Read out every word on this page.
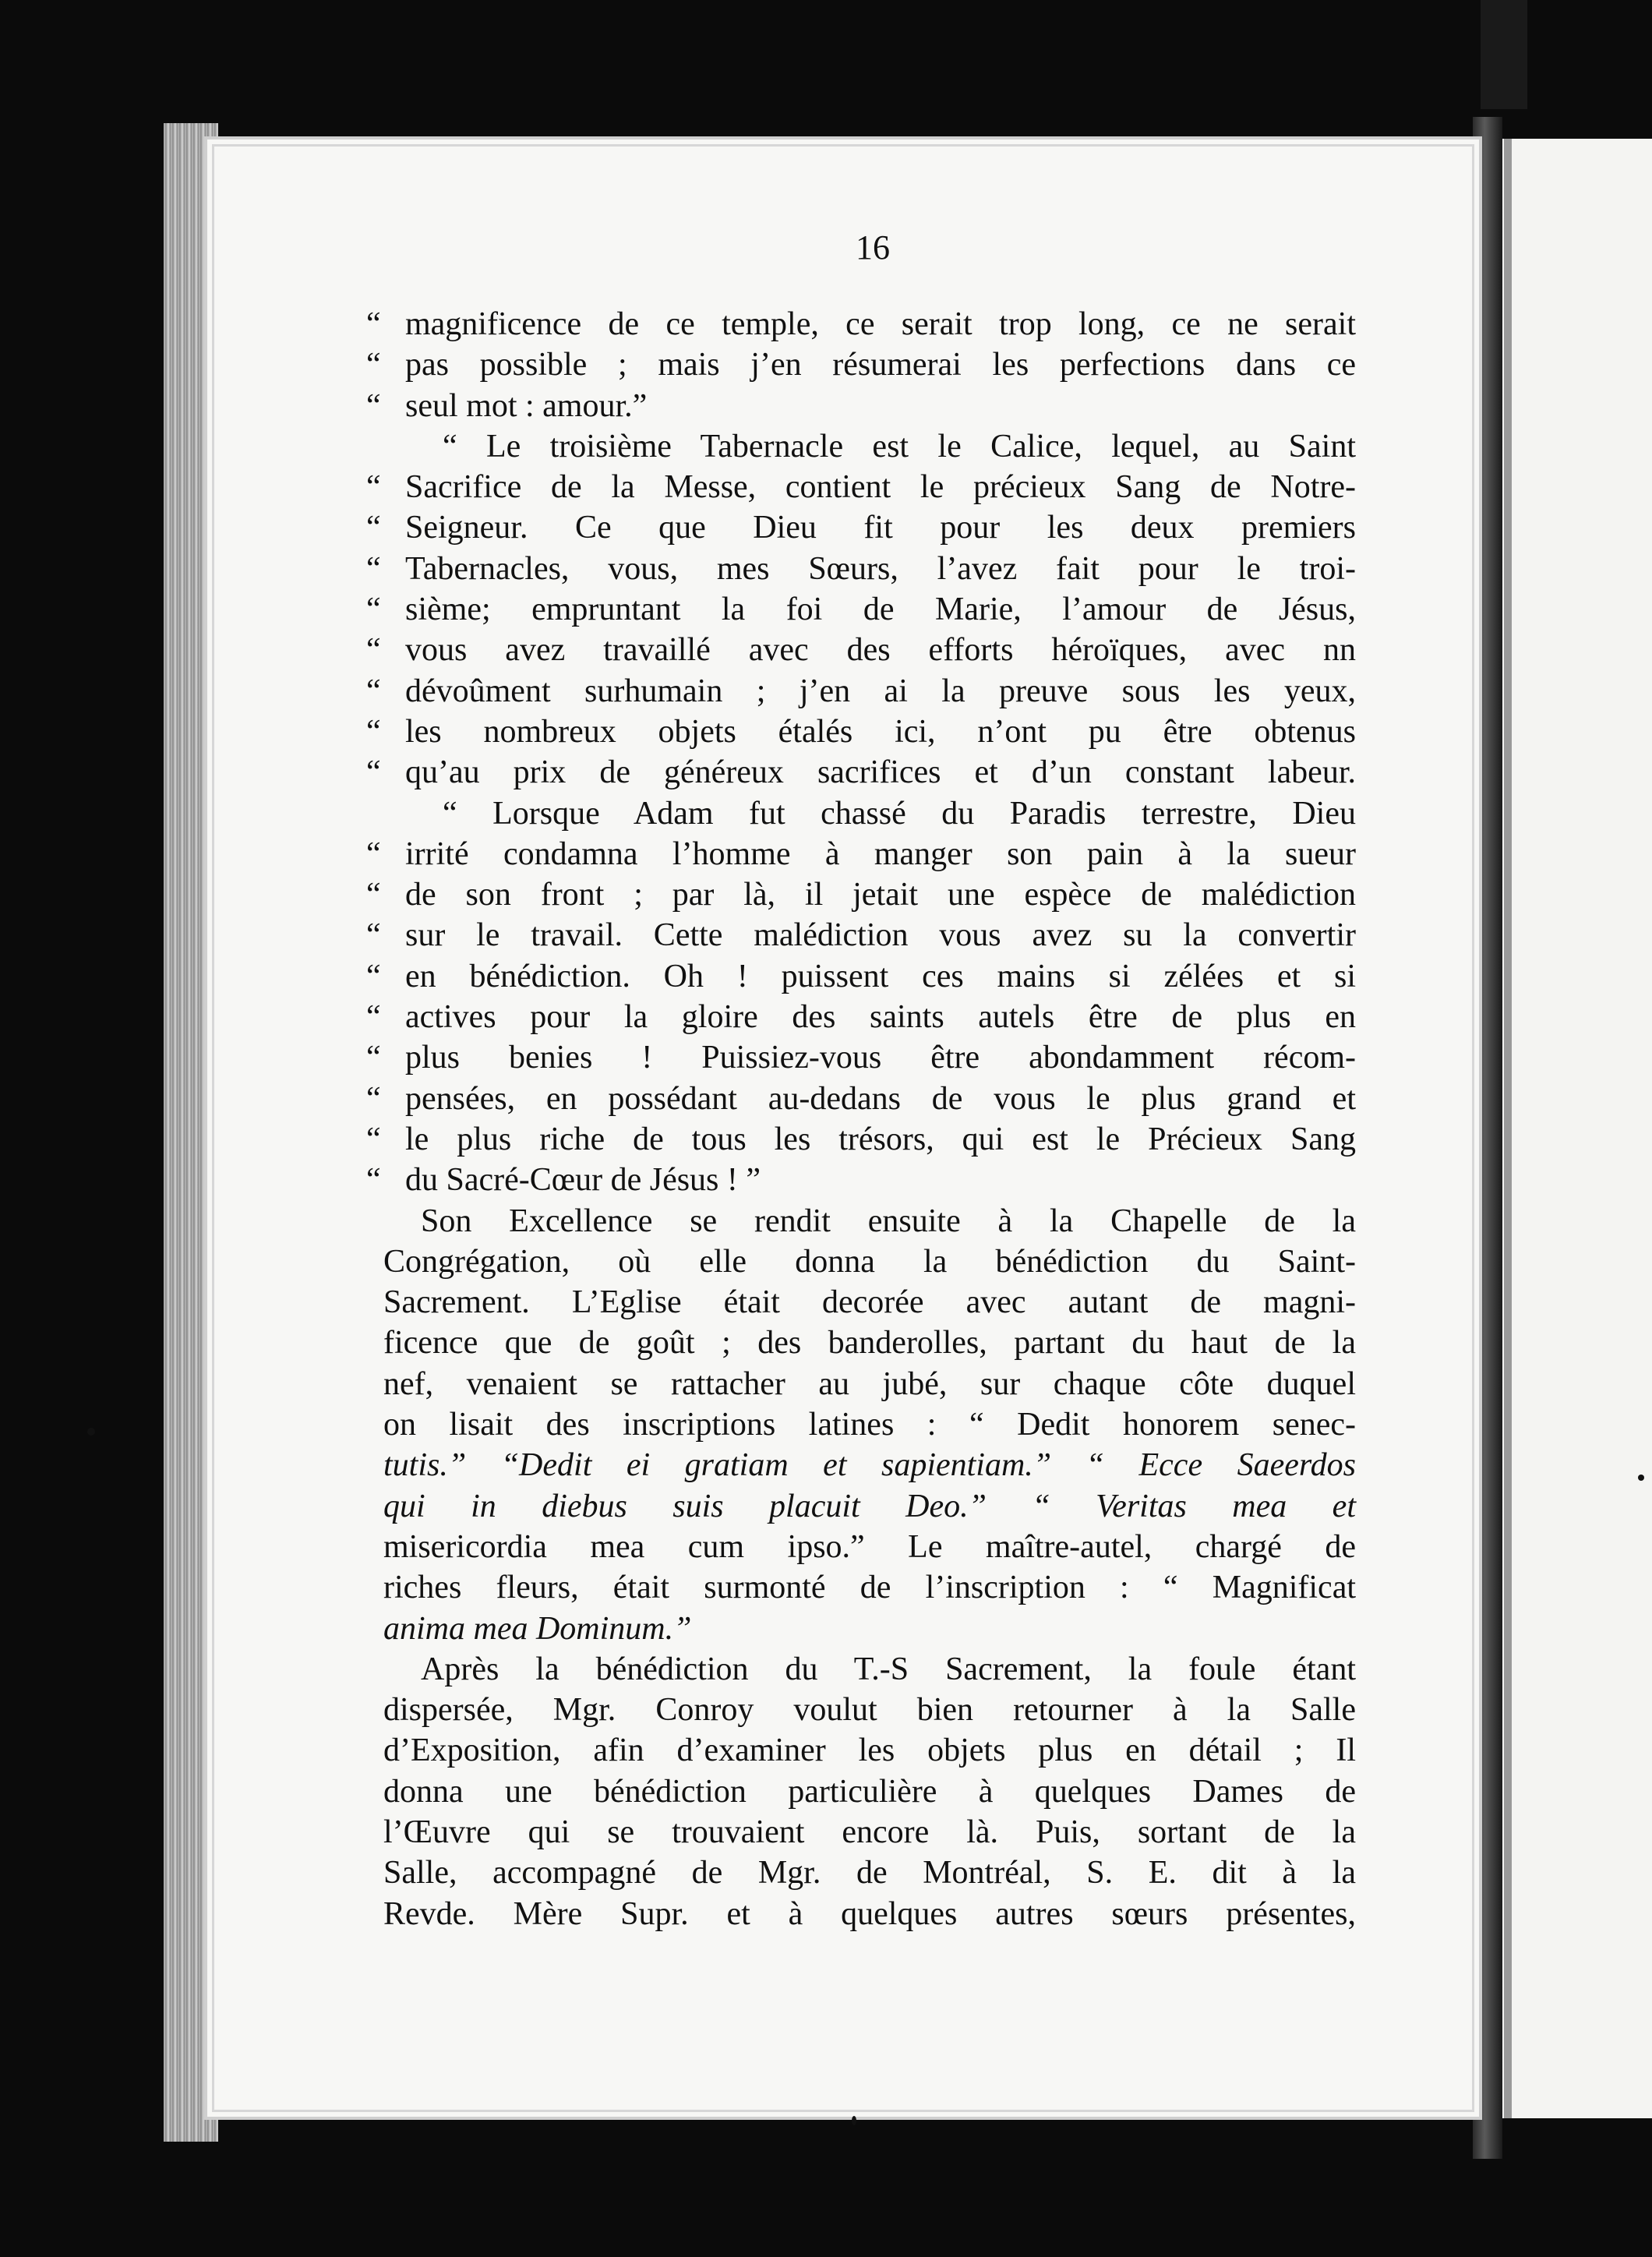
16
“ magnificence de ce temple, ce serait trop long, ce ne serait
“ pas possible ; mais j’en résumerai les perfections dans ce
“ seul mot : amour.”
“ Le troisième Tabernacle est le Calice, lequel, au Saint
“ Sacrifice de la Messe, contient le précieux Sang de Notre-
“ Seigneur. Ce que Dieu fit pour les deux premiers
“ Tabernacles, vous, mes Sœurs, l’avez fait pour le troi-
“ sième; empruntant la foi de Marie, l’amour de Jésus,
“ vous avez travaillé avec des efforts héroïques, avec nn
“ dévoûment surhumain ; j’en ai la preuve sous les yeux,
“ les nombreux objets étalés ici, n’ont pu être obtenus
“ qu’au prix de généreux sacrifices et d’un constant labeur.
“ Lorsque Adam fut chassé du Paradis terrestre, Dieu
“ irrité condamna l’homme à manger son pain à la sueur
“ de son front ; par là, il jetait une espèce de malédiction
“ sur le travail. Cette malédiction vous avez su la convertir
“ en bénédiction. Oh ! puissent ces mains si zélées et si
“ actives pour la gloire des saints autels être de plus en
“ plus benies ! Puissiez-vous être abondamment récom-
“ pensées, en possédant au-dedans de vous le plus grand et
“ le plus riche de tous les trésors, qui est le Précieux Sang
“ du Sacré-Cœur de Jésus ! ”
Son Excellence se rendit ensuite à la Chapelle de la
Congrégation, où elle donna la bénédiction du Saint-
Sacrement. L’Eglise était decorée avec autant de magni-
ficence que de goût ; des banderolles, partant du haut de la
nef, venaient se rattacher au jubé, sur chaque côte duquel
on lisait des inscriptions latines : “ Dedit honorem senec-
tutis.” “Dedit ei gratiam et sapientiam.” “ Ecce Saeerdos
qui in diebus suis placuit Deo.” “ Veritas mea et
misericordia mea cum ipso.” Le maître-autel, chargé de
riches fleurs, était surmonté de l’inscription : “ Magnificat
anima mea Dominum.”
Après la bénédiction du T.-S Sacrement, la foule étant
dispersée, Mgr. Conroy voulut bien retourner à la Salle
d’Exposition, afin d’examiner les objets plus en détail ; Il
donna une bénédiction particulière à quelques Dames de
l’Œuvre qui se trouvaient encore là. Puis, sortant de la
Salle, accompagné de Mgr. de Montréal, S. E. dit à la
Revde. Mère Supr. et à quelques autres sœurs présentes,
